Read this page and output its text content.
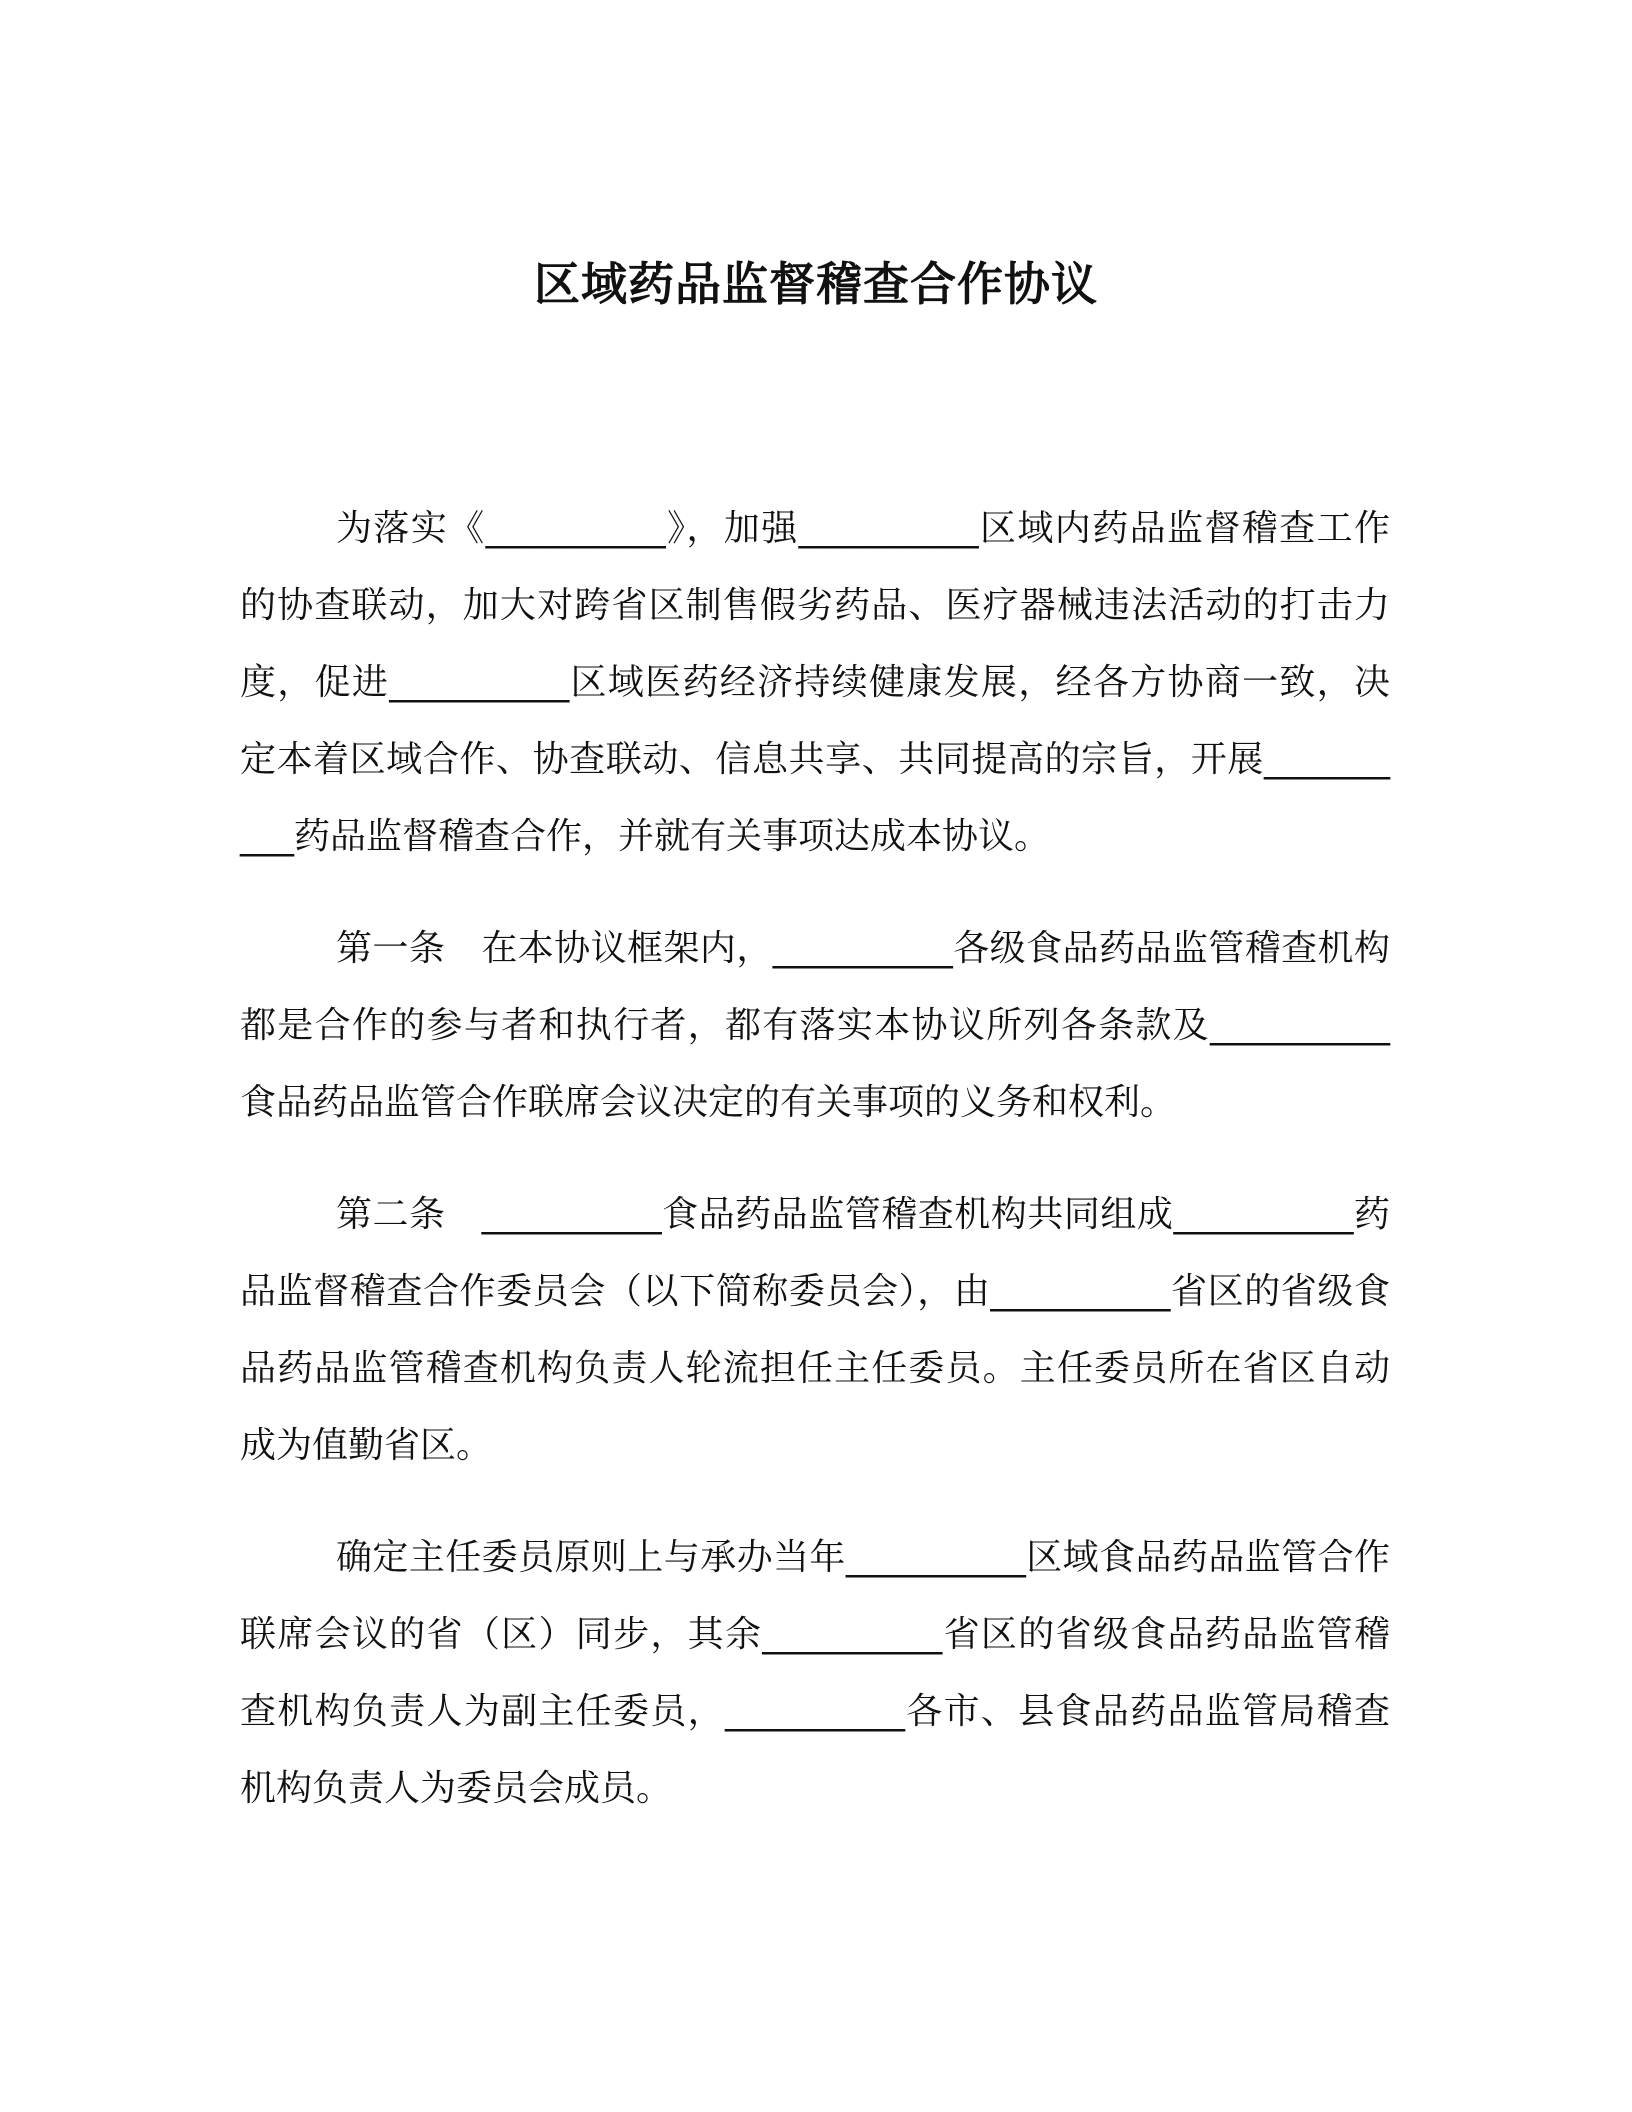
区域药品监督稽查合作协议

为落实《__________》，加强__________区域内药品监督稽查工作的协查联动，加大对跨省区制售假劣药品、医疗器械违法活动的打击力度，促进__________区域医药经济持续健康发展，经各方协商一致，决定本着区域合作、协查联动、信息共享、共同提高的宗旨，开展__________药品监督稽查合作，并就有关事项达成本协议。

第一条 在本协议框架内，__________各级食品药品监管稽查机构都是合作的参与者和执行者，都有落实本协议所列各条款及__________食品药品监管合作联席会议决定的有关事项的义务和权利。

第二条 __________食品药品监管稽查机构共同组成__________药品监督稽查合作委员会（以下简称委员会），由__________省区的省级食品药品监管稽查机构负责人轮流担任主任委员。主任委员所在省区自动成为值勤省区。

确定主任委员原则上与承办当年__________区域食品药品监管合作联席会议的省（区）同步，其余__________省区的省级食品药品监管稽查机构负责人为副主任委员，__________各市、县食品药品监管局稽查机构负责人为委员会成员。
